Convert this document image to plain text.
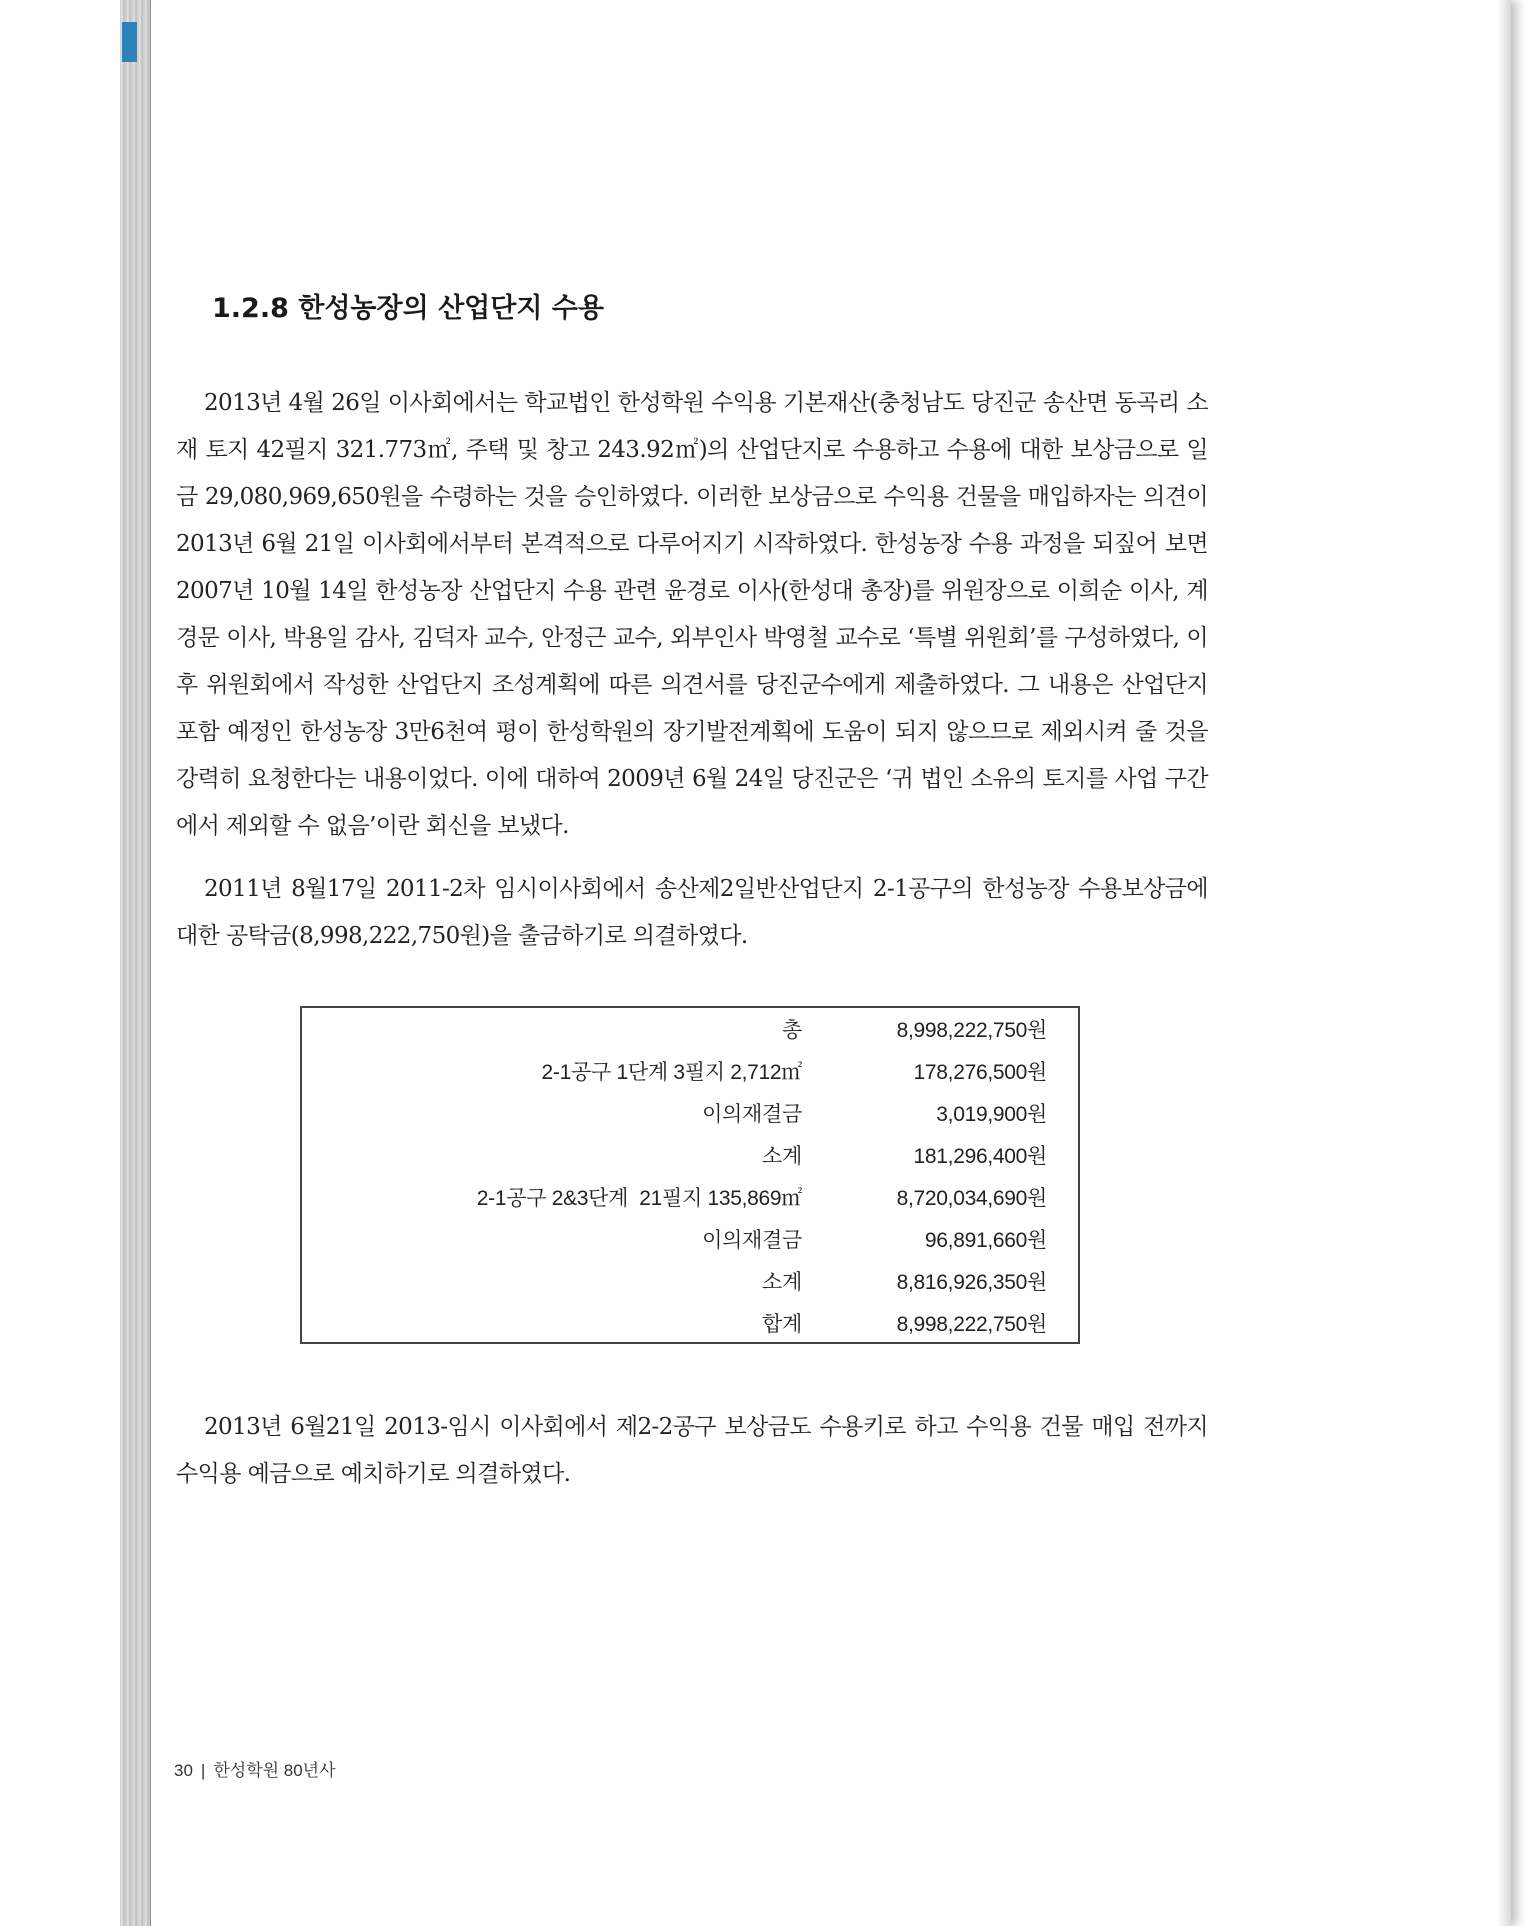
1.2.8 한성농장의 산업단지 수용

2013년 4월 26일 이사회에서는 학교법인 한성학원 수익용 기본재산(충청남도 당진군 송산면 동곡리 소재 토지 42필지 321.773㎡, 주택 및 창고 243.92㎡)의 산업단지로 수용하고 수용에 대한 보상금으로 일금 29,080,969,650원을 수령하는 것을 승인하였다. 이러한 보상금으로 수익용 건물을 매입하자는 의견이 2013년 6월 21일 이사회에서부터 본격적으로 다루어지기 시작하였다. 한성농장 수용 과정을 되짚어 보면 2007년 10월 14일 한성농장 산업단지 수용 관련 윤경로 이사(한성대 총장)를 위원장으로 이희순 이사, 계경문 이사, 박용일 감사, 김덕자 교수, 안정근 교수, 외부인사 박영철 교수로 ‘특별 위원회’를 구성하였다, 이후 위원회에서 작성한 산업단지 조성계획에 따른 의견서를 당진군수에게 제출하였다. 그 내용은 산업단지 포함 예정인 한성농장 3만6천여 평이 한성학원의 장기발전계획에 도움이 되지 않으므로 제외시켜 줄 것을 강력히 요청한다는 내용이었다. 이에 대하여 2009년 6월 24일 당진군은 ‘귀 법인 소유의 토지를 사업 구간에서 제외할 수 없음’이란 회신을 보냈다.

2011년 8월17일 2011-2차 임시이사회에서 송산제2일반산업단지 2-1공구의 한성농장 수용보상금에 대한 공탁금(8,998,222,750원)을 출금하기로 의결하였다.

총	8,998,222,750원
2-1공구 1단계 3필지 2,712㎡	178,276,500원
이의재결금	3,019,900원
소계	181,296,400원
2-1공구 2&3단계  21필지 135,869㎡	8,720,034,690원
이의재결금	96,891,660원
소계	8,816,926,350원
합계	8,998,222,750원

2013년 6월21일 2013-임시 이사회에서 제2-2공구 보상금도 수용키로 하고 수익용 건물 매입 전까지 수익용 예금으로 예치하기로 의결하였다.

30 | 한성학원 80년사
